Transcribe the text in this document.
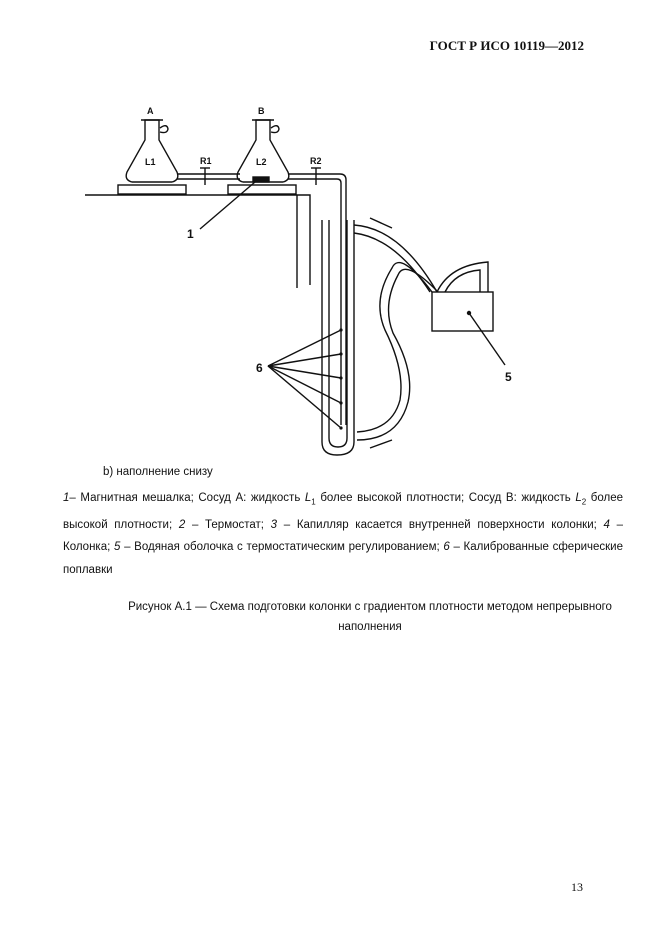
ГОСТ Р ИСО 10119—2012
A	B
L1	L2
R1	R2
1
5
6
b) наполнение снизу
1– Магнитная мешалка; Сосуд А: жидкость $L_1$ более высокой плотности; Сосуд В: жидкость $L_2$ более высокой плотности; 2 – Термостат; 3 – Капилляр касается внутренней поверхности колонки; 4 – Колонка; 5 – Водяная оболочка с термостатическим регулированием; 6 – Калиброванные сферические поплавки
Рисунок А.1 — Схема подготовки колонки с градиентом плотности методом непрерывного
наполнения
13
